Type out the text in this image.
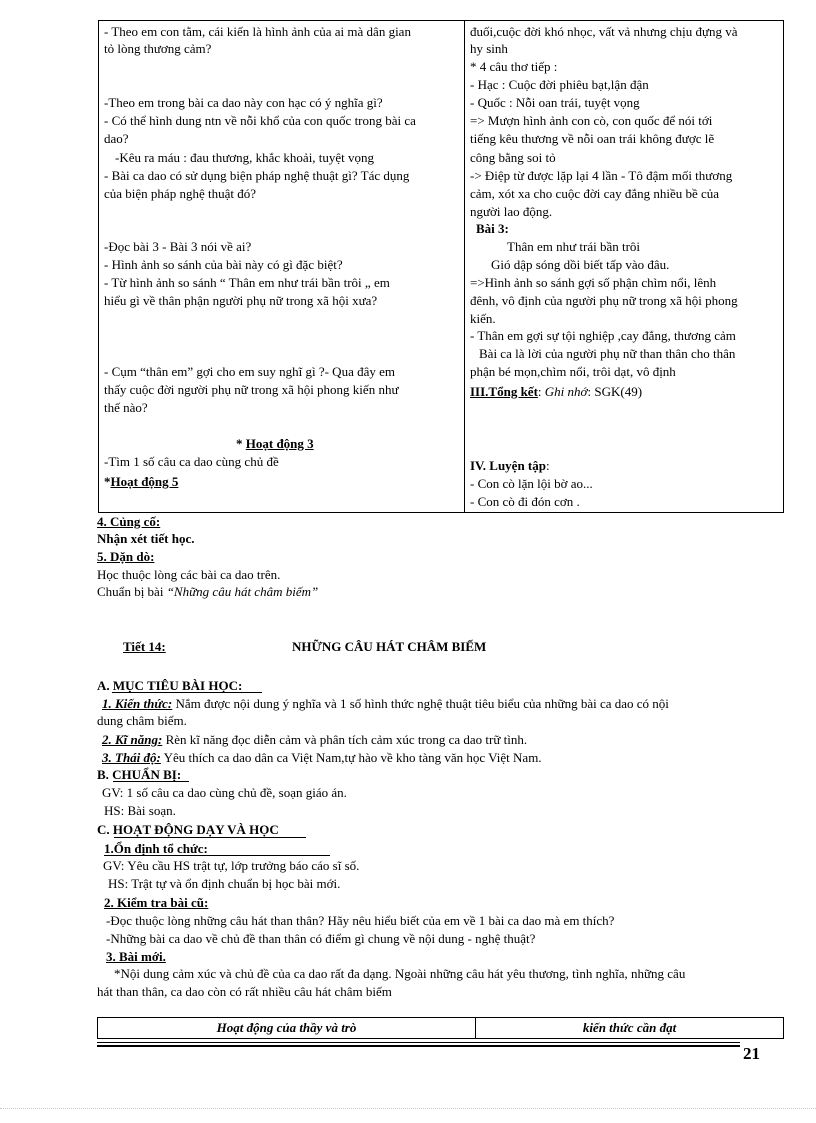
- Theo em con tằm, cái kiến là hình ảnh của ai mà dân gian
tỏ lòng thương cảm?
-Theo em trong bài ca dao này con hạc có ý nghĩa gì?
- Có thể hình dung ntn về nỗi khổ của con quốc trong bài ca
dao?
-Kêu ra máu : đau thương, khắc khoải, tuyệt vọng
- Bài ca dao có sử dụng biện pháp nghệ thuật gì? Tác dụng
của biện pháp nghệ thuật đó?
-Đọc bài 3 - Bài 3 nói về ai?
- Hình ảnh so sánh của bài này có gì đặc biệt?
- Từ hình ảnh so sánh “ Thân em như trái bần trôi „ em
hiểu gì về thân phận người phụ nữ trong xã hội xưa?
- Cụm “thân em” gợi cho em suy nghĩ gì ?- Qua đây em
thấy cuộc đời người phụ nữ trong xã hội phong kiến như
thế nào?
* Hoạt động 3
-Tìm 1 số câu ca dao cùng chủ đề
*Hoạt động 5

đuối,cuộc đời khó nhọc, vất vả nhưng chịu đựng và
hy sinh
* 4 câu thơ tiếp :
- Hạc : Cuộc đời phiêu bạt,lận đận
- Quốc : Nỗi oan trái, tuyệt vọng
=> Mượn hình ảnh con cò, con quốc để nói tới
tiếng kêu thương về nỗi oan trái không được lẽ
công bằng soi tỏ
-> Điệp từ được lặp lại 4 lần - Tô đậm mối thương
cảm, xót xa cho cuộc đời cay đắng nhiều bề của
người lao động.
Bài 3:
Thân em như trái bần trôi
Gió dập sóng dồi biết tấp vào đâu.
=>Hình ảnh so sánh gợi số phận chìm nổi, lênh
đênh, vô định của người phụ nữ trong xã hội phong
kiến.
- Thân em gợi sự tội nghiệp ,cay đắng, thương cảm
Bài ca là lời của người phụ nữ than thân cho thân
phận bé mọn,chìm nổi, trôi dạt, vô định
III.Tổng kết: Ghi nhớ: SGK(49)
IV. Luyện tập:
- Con cò lặn lội bờ ao...
- Con cò đi đón cơn .
4. Củng cố:
Nhận xét tiết học.
5. Dặn dò:
Học thuộc lòng các bài ca dao trên.
Chuẩn bị bài “Những câu hát châm biếm”
Tiết 14:	NHỮNG CÂU HÁT CHÂM BIẾM
A. MỤC TIÊU BÀI HỌC:
1. Kiến thức: Nắm được nội dung ý nghĩa và 1 số hình thức nghệ thuật tiêu biểu của những bài ca dao có nội
dung châm biếm.
2. Kĩ năng: Rèn kĩ năng đọc diễn cảm và phân tích cảm xúc trong ca dao trữ tình.
3. Thái độ: Yêu thích ca dao dân ca Việt Nam,tự hào về kho tàng văn học Việt Nam.
B. CHUẨN BỊ:
GV: 1 số câu ca dao cùng chủ đề, soạn giáo án.
HS: Bài soạn.
C. HOẠT ĐỘNG DẠY VÀ HỌC
1.Ổn định tổ chức:
GV: Yêu cầu HS trật tự, lớp trưởng báo cáo sĩ số.
HS: Trật tự và ổn định chuẩn bị học bài mới.
2. Kiểm tra bài cũ:
-Đọc thuộc lòng những câu hát than thân? Hãy nêu hiểu biết của em về 1 bài ca dao mà em thích?
-Những bài ca dao về chủ đề than thân có điểm gì chung về nội dung - nghệ thuật?
3. Bài mới.
*Nội dung cảm xúc và chủ đề của ca dao rất đa dạng. Ngoài những câu hát yêu thương, tình nghĩa, những câu
hát than thân, ca dao còn có rất nhiều câu hát châm biếm
Hoạt động của thầy và trò	kiến thức cần đạt
21
